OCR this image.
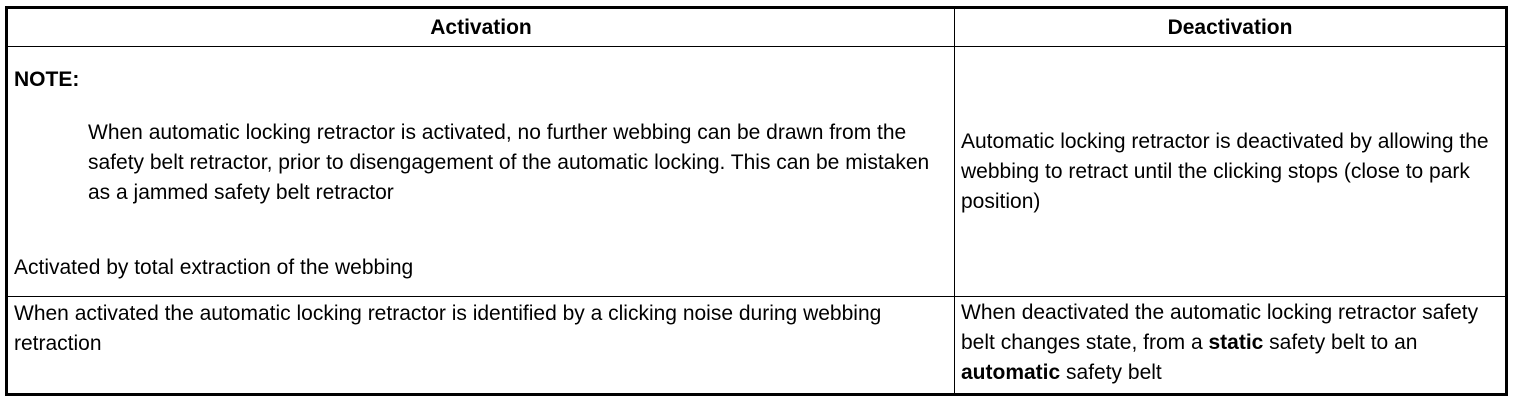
Activation	Deactivation

NOTE:
When automatic locking retractor is activated, no further webbing can be drawn from the safety belt retractor, prior to disengagement of the automatic locking. This can be mistaken as a jammed safety belt retractor
Activated by total extraction of the webbing	Automatic locking retractor is deactivated by allowing the webbing to retract until the clicking stops (close to park position)

When activated the automatic locking retractor is identified by a clicking noise during webbing retraction	When deactivated the automatic locking retractor safety belt changes state, from a static safety belt to an automatic safety belt
